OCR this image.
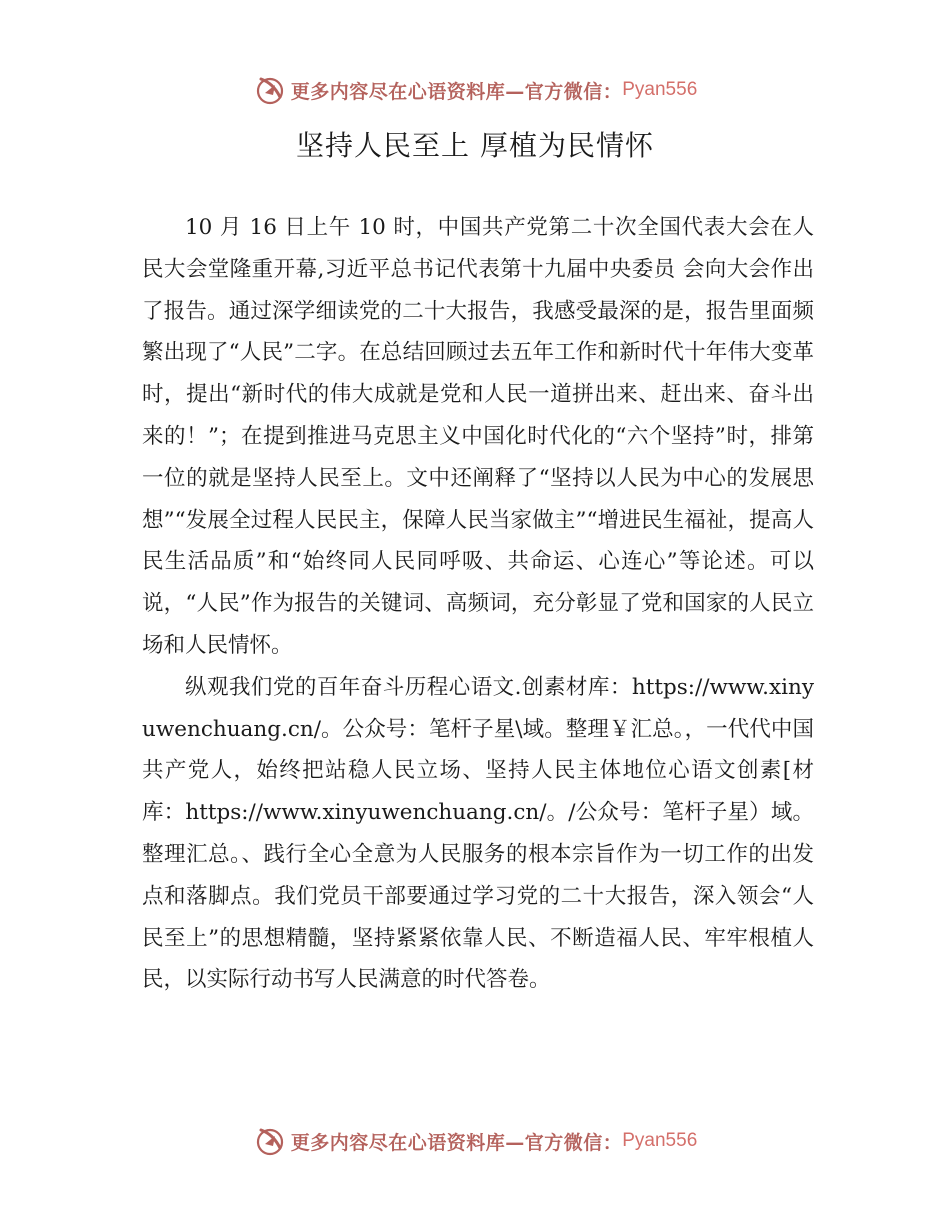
更多内容尽在心语资料库—官方微信： Pyan556
坚持人民至上 厚植为民情怀

10 月 16 日上午 10 时，中国共产党第二十次全国代表大会在人民大会堂隆重开幕,习近平总书记代表第十九届中央委员 会向大会作出了报告。通过深学细读党的二十大报告，我感受最深的是，报告里面频繁出现了“人民”二字。在总结回顾过去五年工作和新时代十年伟大变革时，提出“新时代的伟大成就是党和人民一道拼出来、赶出来、奋斗出来的！”；在提到推进马克思主义中国化时代化的“六个坚持”时，排第一位的就是坚持人民至上。文中还阐释了“坚持以人民为中心的发展思想”“发展全过程人民民主，保障人民当家做主”“增进民生福祉，提高人民生活品质”和“始终同人民同呼吸、共命运、心连心”等论述。可以说，“人民”作为报告的关键词、高频词，充分彰显了党和国家的人民立场和人民情怀。

纵观我们党的百年奋斗历程心语文.创素材库：https://www.xinyuwenchuang.cn/。公众号：笔杆子星\域。整理￥汇总。，一代代中国共产党人，始终把站稳人民立场、坚持人民主体地位心语文创素[材库：https://www.xinyuwenchuang.cn/。/公众号：笔杆子星）域。整理汇总。、践行全心全意为人民服务的根本宗旨作为一切工作的出发点和落脚点。我们党员干部要通过学习党的二十大报告，深入领会“人民至上”的思想精髓，坚持紧紧依靠人民、不断造福人民、牢牢根植人民，以实际行动书写人民满意的时代答卷。

更多内容尽在心语资料库—官方微信： Pyan556
